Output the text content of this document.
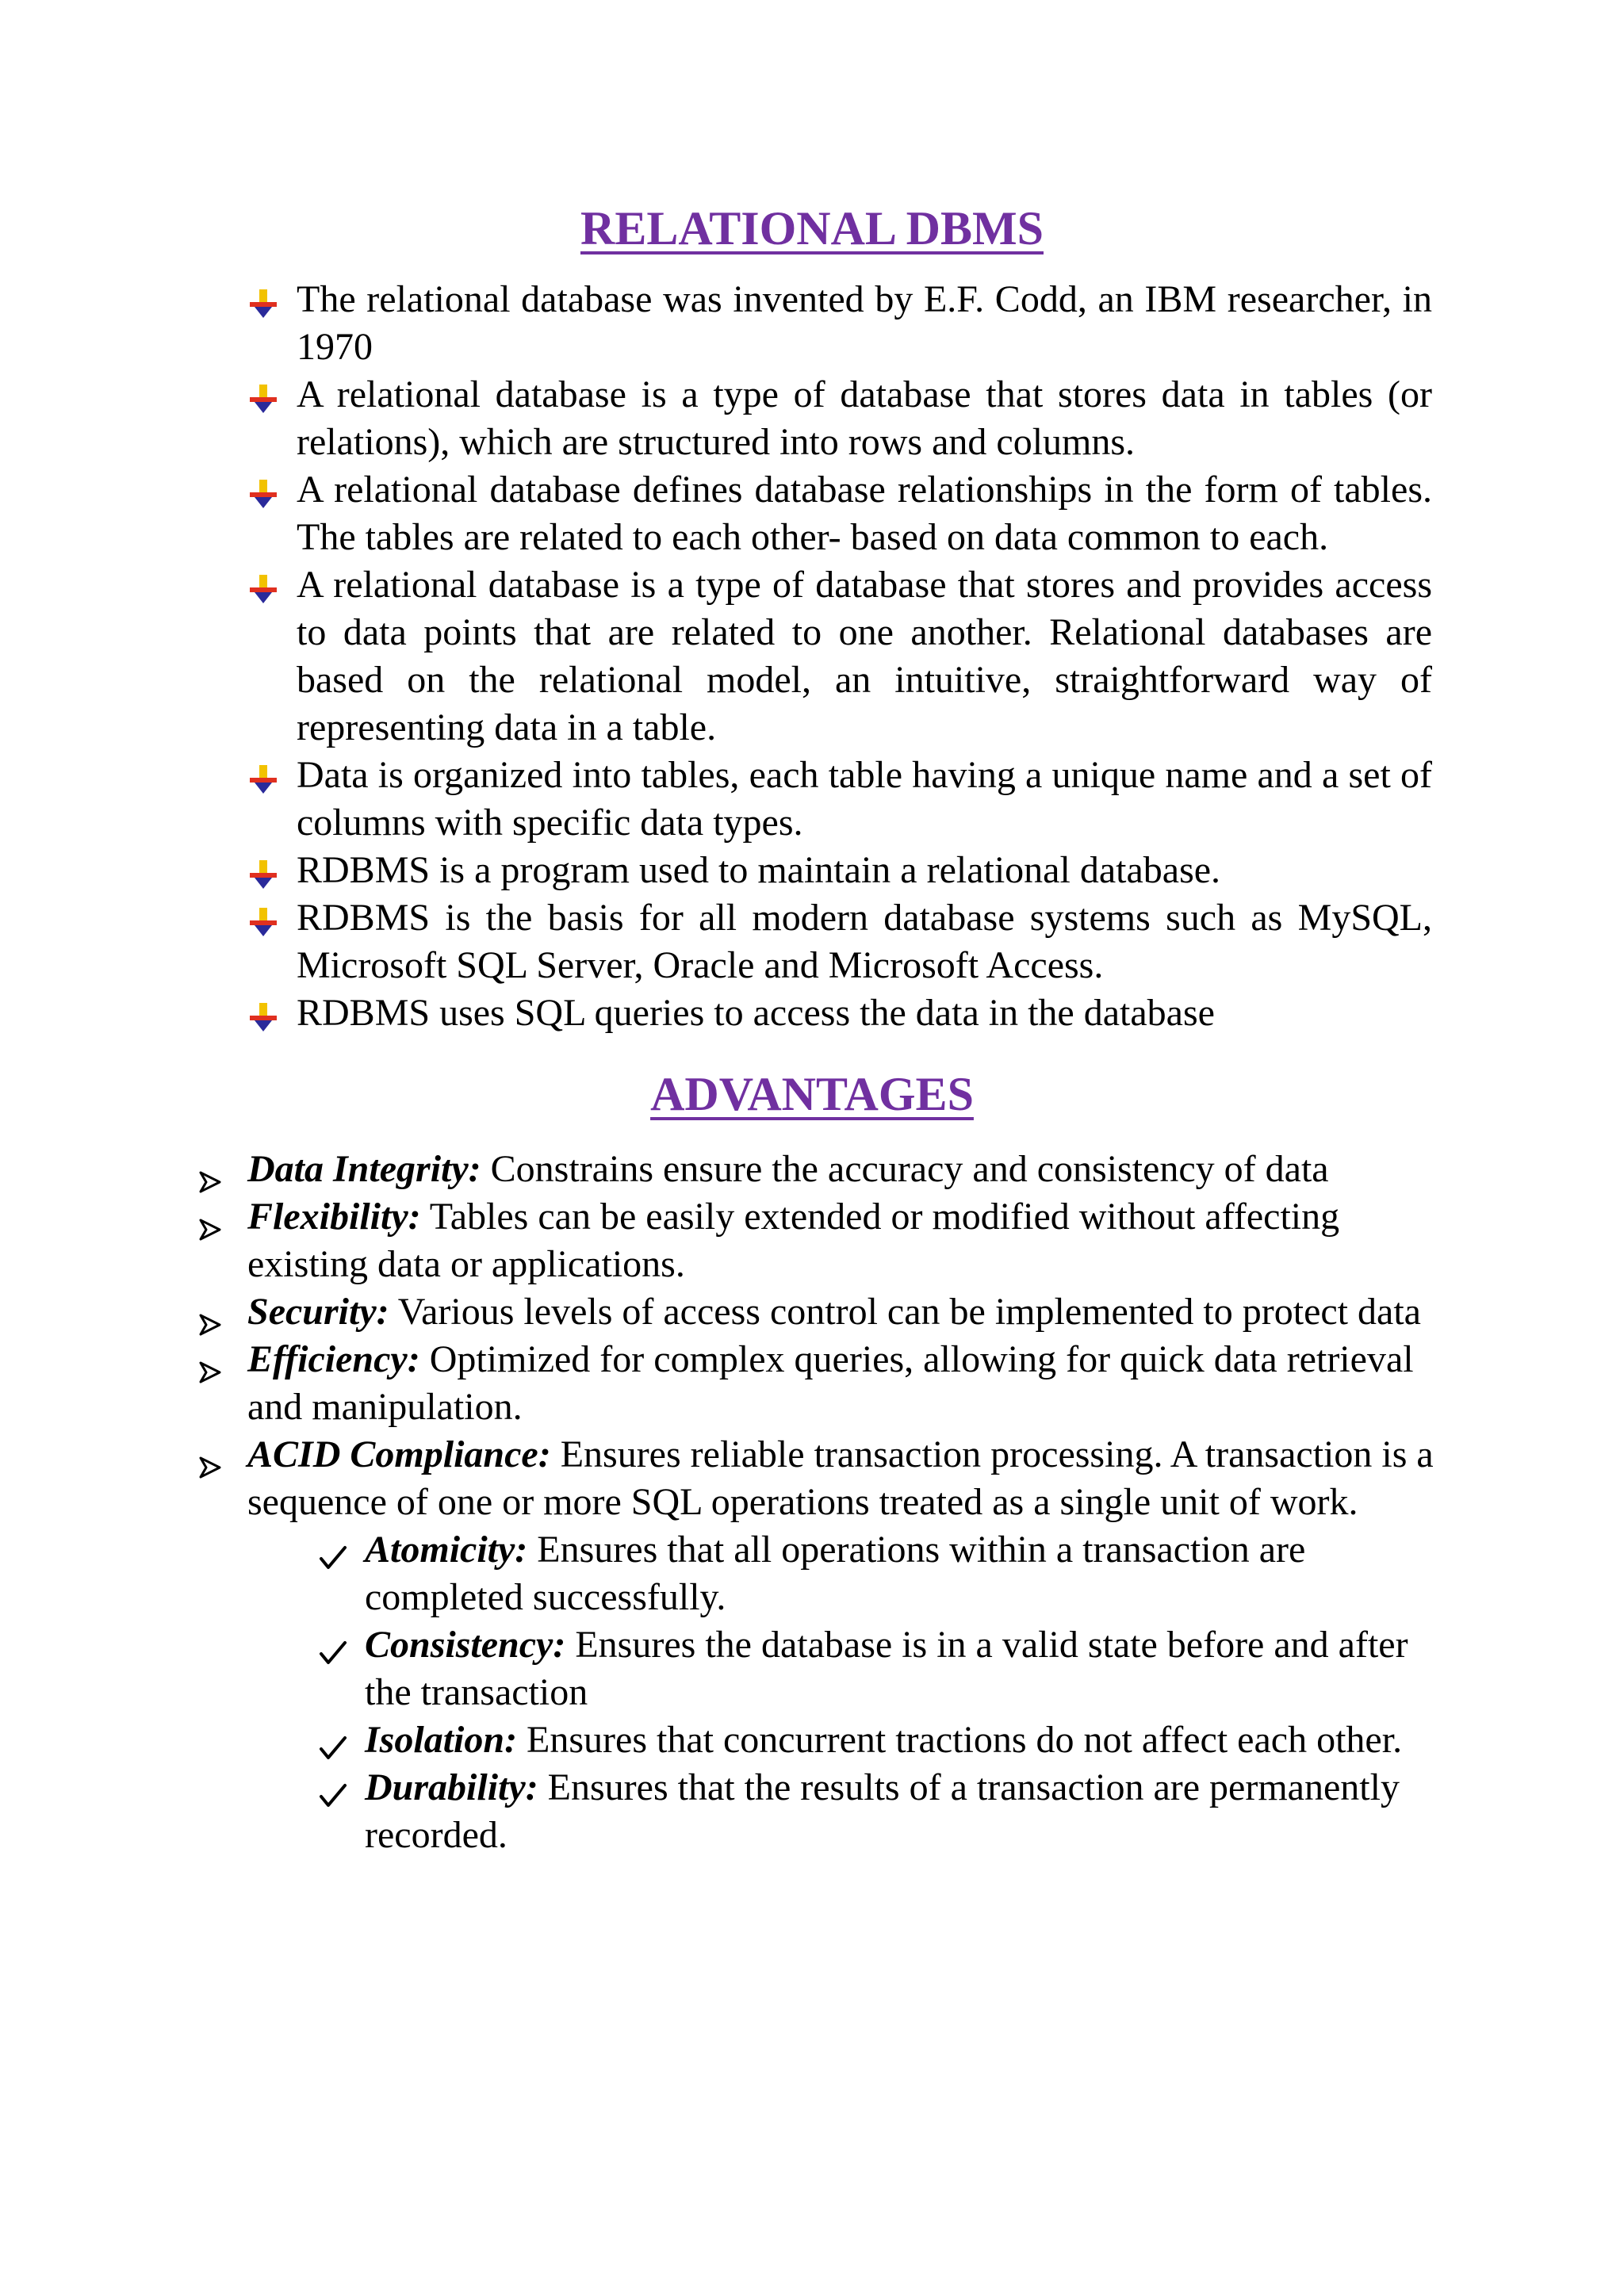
RELATIONAL DBMS
The relational database was invented by E.F. Codd, an IBM researcher, in 1970
A relational database is a type of database that stores data in tables (or relations), which are structured into rows and columns.
A relational database defines database relationships in the form of tables. The tables are related to each other- based on data common to each.
A relational database is a type of database that stores and provides access to data points that are related to one another. Relational databases are based on the relational model, an intuitive, straightforward way of representing data in a table.
Data is organized into tables, each table having a unique name and a set of columns with specific data types.
RDBMS is a program used to maintain a relational database.
RDBMS is the basis for all modern database systems such as MySQL, Microsoft SQL Server, Oracle and Microsoft Access.
RDBMS uses SQL queries to access the data in the database
ADVANTAGES
Data Integrity: Constrains ensure the accuracy and consistency of data
Flexibility: Tables can be easily extended or modified without affecting existing data or applications.
Security: Various levels of access control can be implemented to protect data
Efficiency: Optimized for complex queries, allowing for quick data retrieval and manipulation.
ACID Compliance: Ensures reliable transaction processing. A transaction is a sequence of one or more SQL operations treated as a single unit of work.
Atomicity: Ensures that all operations within a transaction are completed successfully.
Consistency: Ensures the database is in a valid state before and after the transaction
Isolation: Ensures that concurrent tractions do not affect each other.
Durability: Ensures that the results of a transaction are permanently recorded.
